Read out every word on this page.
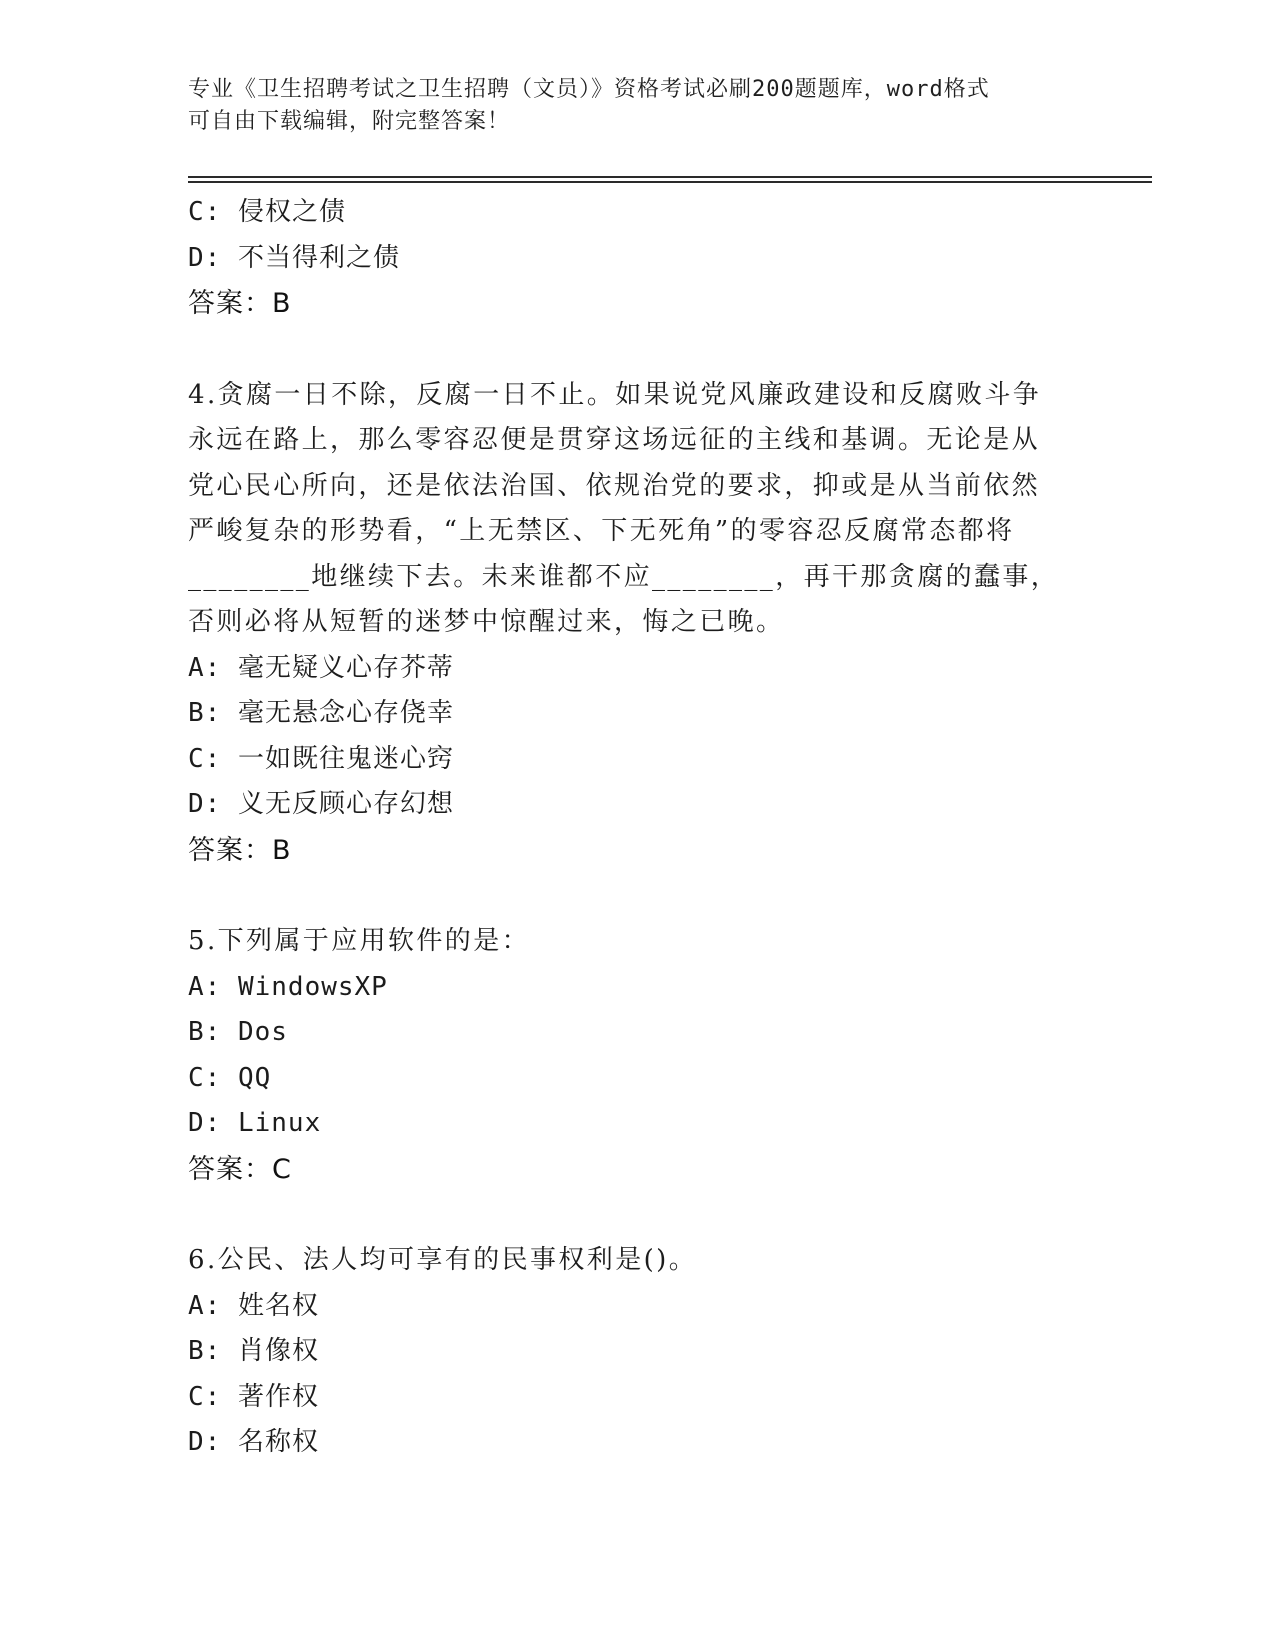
专业《卫生招聘考试之卫生招聘（文员）》资格考试必刷200题题库，word格式
可自由下载编辑，附完整答案！
C: 侵权之债
D: 不当得利之债
答案：B
4.贪腐一日不除，反腐一日不止。如果说党风廉政建设和反腐败斗争
永远在路上，那么零容忍便是贯穿这场远征的主线和基调。无论是从
党心民心所向，还是依法治国、依规治党的要求，抑或是从当前依然
严峻复杂的形势看，“上无禁区、下无死角”的零容忍反腐常态都将
________地继续下去。未来谁都不应________，再干那贪腐的蠢事，
否则必将从短暂的迷梦中惊醒过来，悔之已晚。
A: 毫无疑义心存芥蒂
B: 毫无悬念心存侥幸
C: 一如既往鬼迷心窍
D: 义无反顾心存幻想
答案：B
5.下列属于应用软件的是：
A: WindowsXP
B: Dos
C: QQ
D: Linux
答案：C
6.公民、法人均可享有的民事权利是()。
A: 姓名权
B: 肖像权
C: 著作权
D: 名称权
